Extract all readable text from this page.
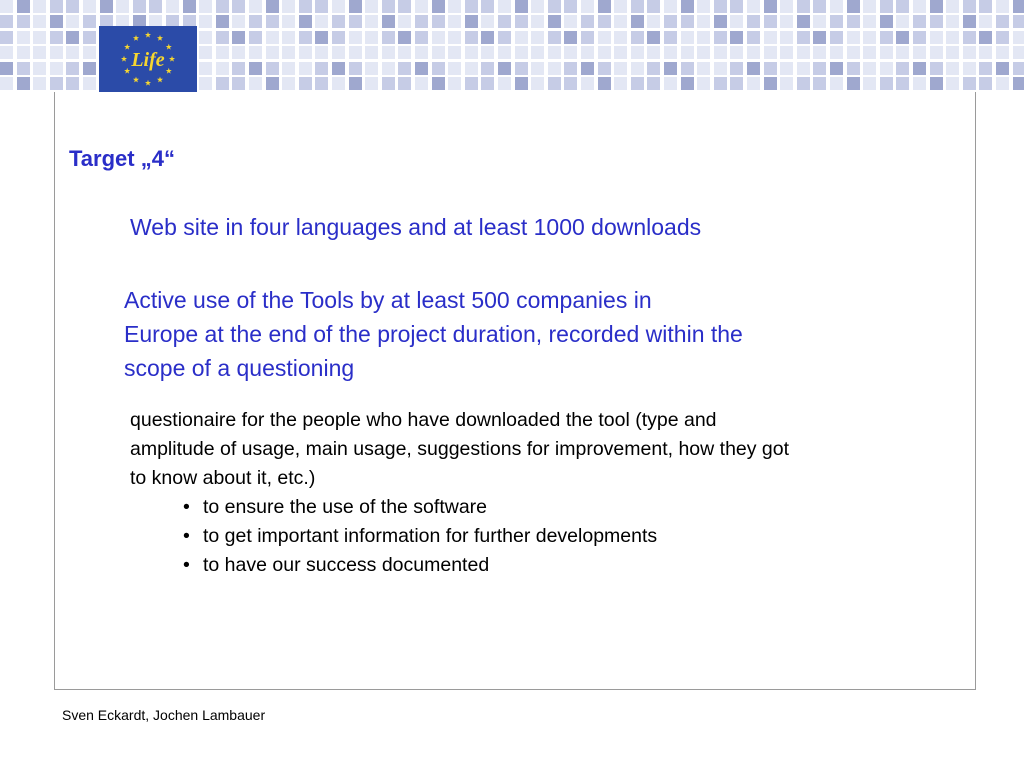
Life
Target „4“
Web site in four languages and at least 1000 downloads
Active use of the Tools by at least 500 companies in
Europe at the end of the project duration, recorded within the
scope of a questioning
questionaire for the people who have downloaded the tool (type and
amplitude of usage, main usage, suggestions for improvement, how they got
to know about it, etc.)
• to ensure the use of the software
• to get important information for further developments
• to have our success documented
Sven Eckardt, Jochen Lambauer
